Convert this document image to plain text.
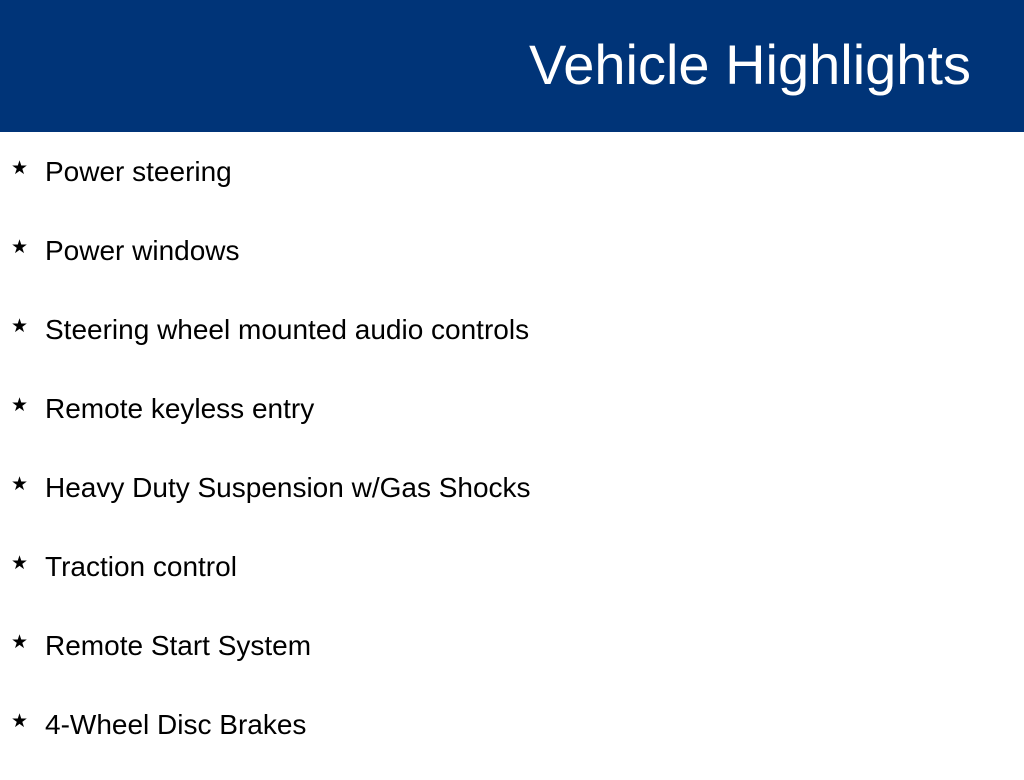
Vehicle Highlights
★ Power steering
★ Power windows
★ Steering wheel mounted audio controls
★ Remote keyless entry
★ Heavy Duty Suspension w/Gas Shocks
★ Traction control
★ Remote Start System
★ 4-Wheel Disc Brakes
